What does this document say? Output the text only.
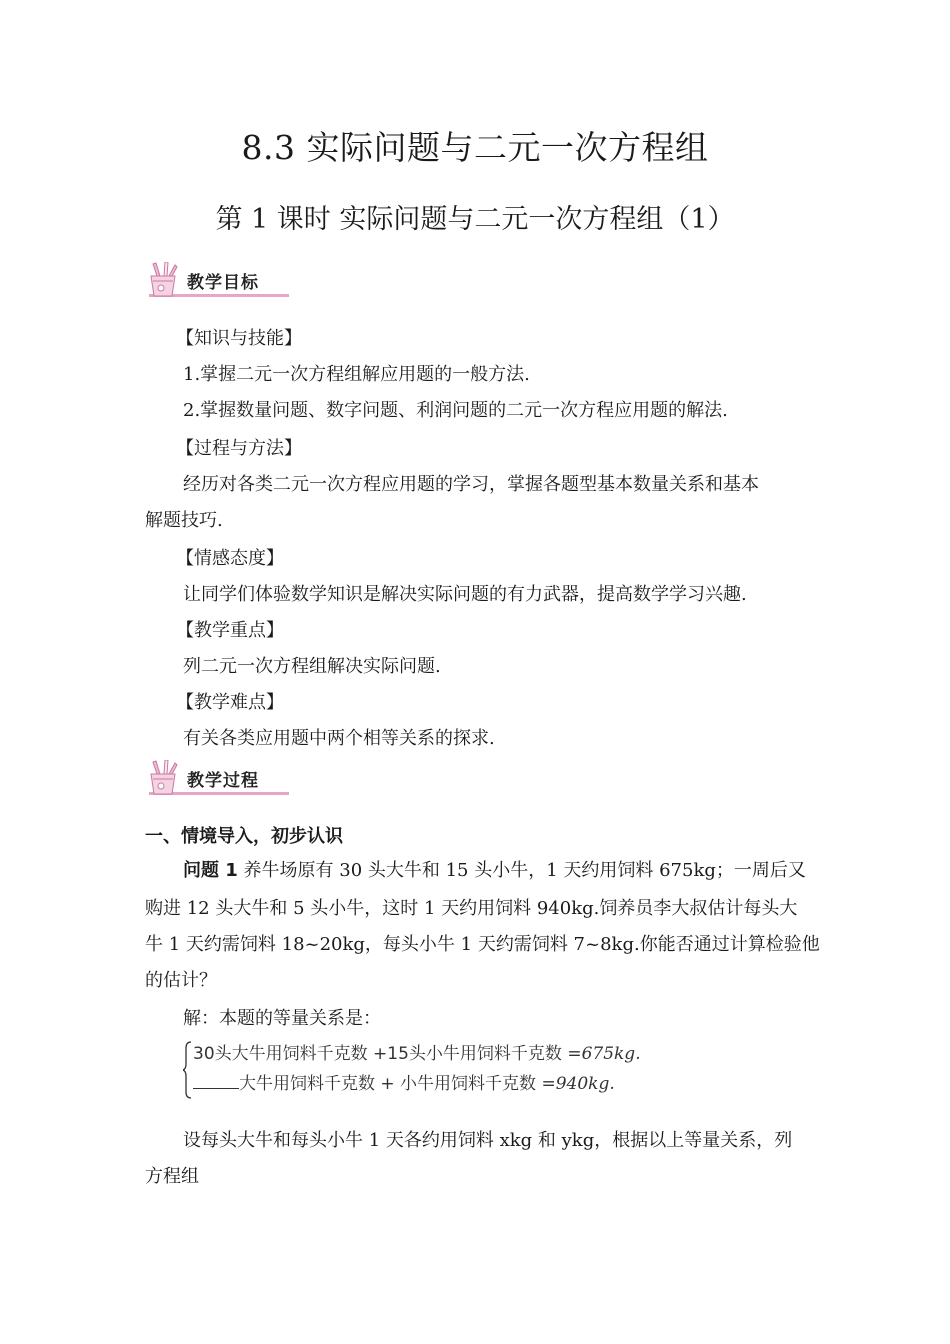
8.3 实际问题与二元一次方程组
第 1 课时 实际问题与二元一次方程组（1）
教学目标
【知识与技能】
1.掌握二元一次方程组解应用题的一般方法.
2.掌握数量问题、数字问题、利润问题的二元一次方程应用题的解法.
【过程与方法】
经历对各类二元一次方程应用题的学习，掌握各题型基本数量关系和基本
解题技巧.
【情感态度】
让同学们体验数学知识是解决实际问题的有力武器，提高数学学习兴趣.
【教学重点】
列二元一次方程组解决实际问题.
【教学难点】
有关各类应用题中两个相等关系的探求.
教学过程
一、情境导入，初步认识
问题 1 养牛场原有 30 头大牛和 15 头小牛，1 天约用饲料 675kg；一周后又
购进 12 头大牛和 5 头小牛，这时 1 天约用饲料 940kg.饲养员李大叔估计每头大
牛 1 天约需饲料 18~20kg，每头小牛 1 天约需饲料 7~8kg.你能否通过计算检验他
的估计？
解：本题的等量关系是：
30头大牛用饲料千克数 +15头小牛用饲料千克数 =675kg.
大牛用饲料千克数 + 小牛用饲料千克数 =940kg.
设每头大牛和每头小牛 1 天各约用饲料 xkg 和 ykg，根据以上等量关系，列
方程组
